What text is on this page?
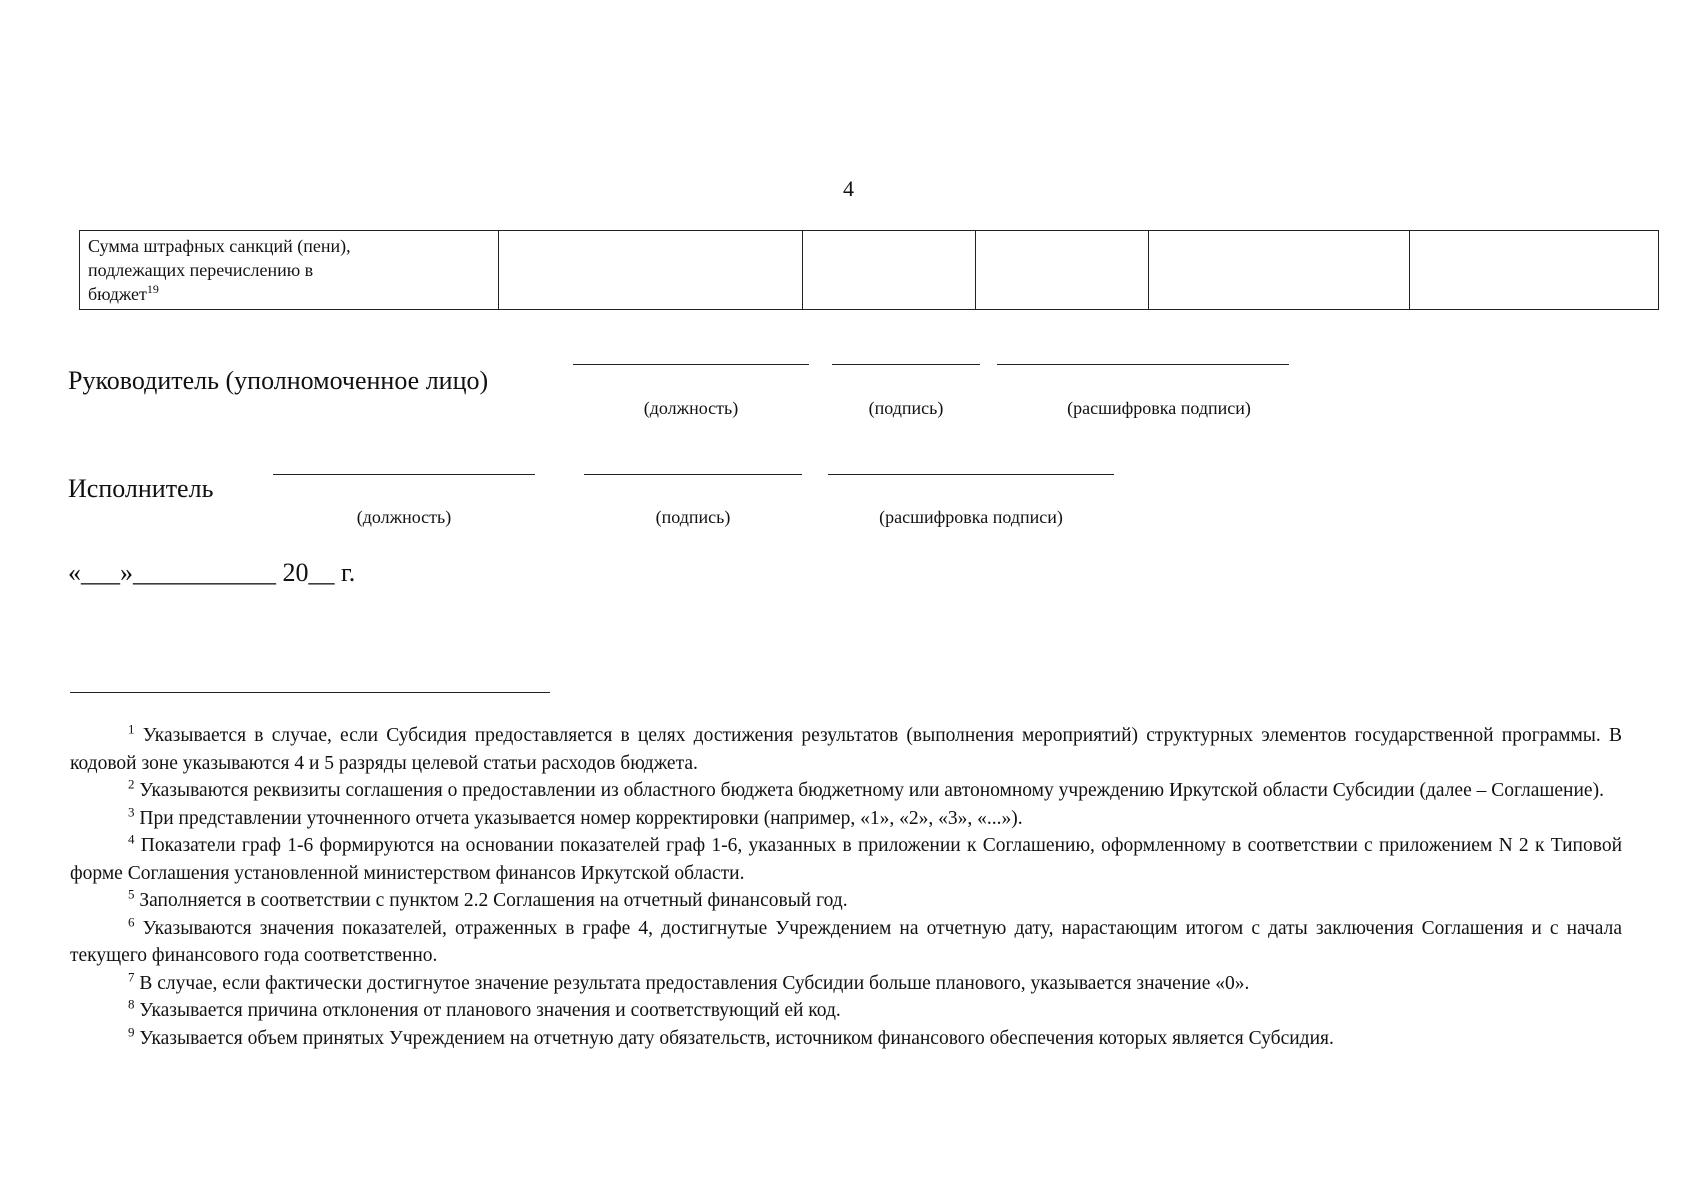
4
Сумма штрафных санкций (пени),
подлежащих перечислению в
бюджет$^{19}$					
Руководитель (уполномоченное лицо)
(должность)	(подпись)	(расшифровка подписи)
Исполнитель
(должность)	(подпись)	(расшифровка подписи)
«___»___________ 20__ г.

$^1$ Указывается в случае, если Субсидия предоставляется в целях достижения результатов (выполнения мероприятий) структурных элементов государственной программы. В кодовой зоне указываются 4 и 5 разряды целевой статьи расходов бюджета.

$^2$ Указываются реквизиты соглашения о предоставлении из областного бюджета бюджетному или автономному учреждению Иркутской области Субсидии (далее – Соглашение).

$^3$ При представлении уточненного отчета указывается номер корректировки (например, «1», «2», «3», «...»).

$^4$ Показатели граф 1-6 формируются на основании показателей граф 1-6, указанных в приложении к Соглашению, оформленному в соответствии с приложением N 2 к Типовой форме Соглашения установленной министерством финансов Иркутской области.

$^5$ Заполняется в соответствии с пунктом 2.2 Соглашения на отчетный финансовый год.

$^6$ Указываются значения показателей, отраженных в графе 4, достигнутые Учреждением на отчетную дату, нарастающим итогом с даты заключения Соглашения и с начала текущего финансового года соответственно.

$^7$ В случае, если фактически достигнутое значение результата предоставления Субсидии больше планового, указывается значение «0».

$^8$ Указывается причина отклонения от планового значения и соответствующий ей код.

$^9$ Указывается объем принятых Учреждением на отчетную дату обязательств, источником финансового обеспечения которых является Субсидия.
